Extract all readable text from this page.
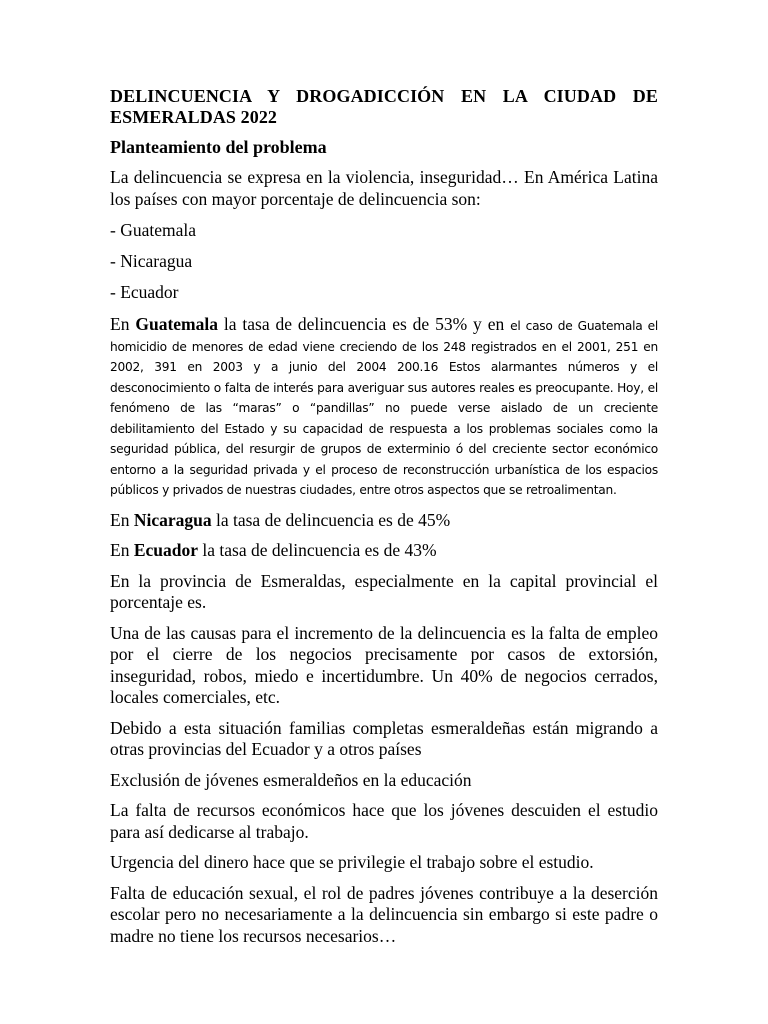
DELINCUENCIA Y DROGADICCIÓN EN LA CIUDAD DE ESMERALDAS 2022

Planteamiento del problema

La delincuencia se expresa en la violencia, inseguridad… En América Latina los países con mayor porcentaje de delincuencia son:

- Guatemala

- Nicaragua

- Ecuador

En Guatemala la tasa de delincuencia es de 53% y en el caso de Guatemala el homicidio de menores de edad viene creciendo de los 248 registrados en el 2001, 251 en 2002, 391 en 2003 y a junio del 2004 200.16 Estos alarmantes números y el desconocimiento o falta de interés para averiguar sus autores reales es preocupante. Hoy, el fenómeno de las “maras” o “pandillas” no puede verse aislado de un creciente debilitamiento del Estado y su capacidad de respuesta a los problemas sociales como la seguridad pública, del resurgir de grupos de exterminio ó del creciente sector económico entorno a la seguridad privada y el proceso de reconstrucción urbanística de los espacios públicos y privados de nuestras ciudades, entre otros aspectos que se retroalimentan.

En Nicaragua la tasa de delincuencia es de 45%

En Ecuador la tasa de delincuencia es de 43%

En la provincia de Esmeraldas, especialmente en la capital provincial el porcentaje es.

Una de las causas para el incremento de la delincuencia es la falta de empleo por el cierre de los negocios precisamente por casos de extorsión, inseguridad, robos, miedo e incertidumbre. Un 40% de negocios cerrados, locales comerciales, etc.

Debido a esta situación familias completas esmeraldeñas están migrando a otras provincias del Ecuador y a otros países

Exclusión de jóvenes esmeraldeños en la educación

La falta de recursos económicos hace que los jóvenes descuiden el estudio para así dedicarse al trabajo.

Urgencia del dinero hace que se privilegie el trabajo sobre el estudio.

Falta de educación sexual, el rol de padres jóvenes contribuye a la deserción escolar pero no necesariamente a la delincuencia sin embargo si este padre o madre no tiene los recursos necesarios…
